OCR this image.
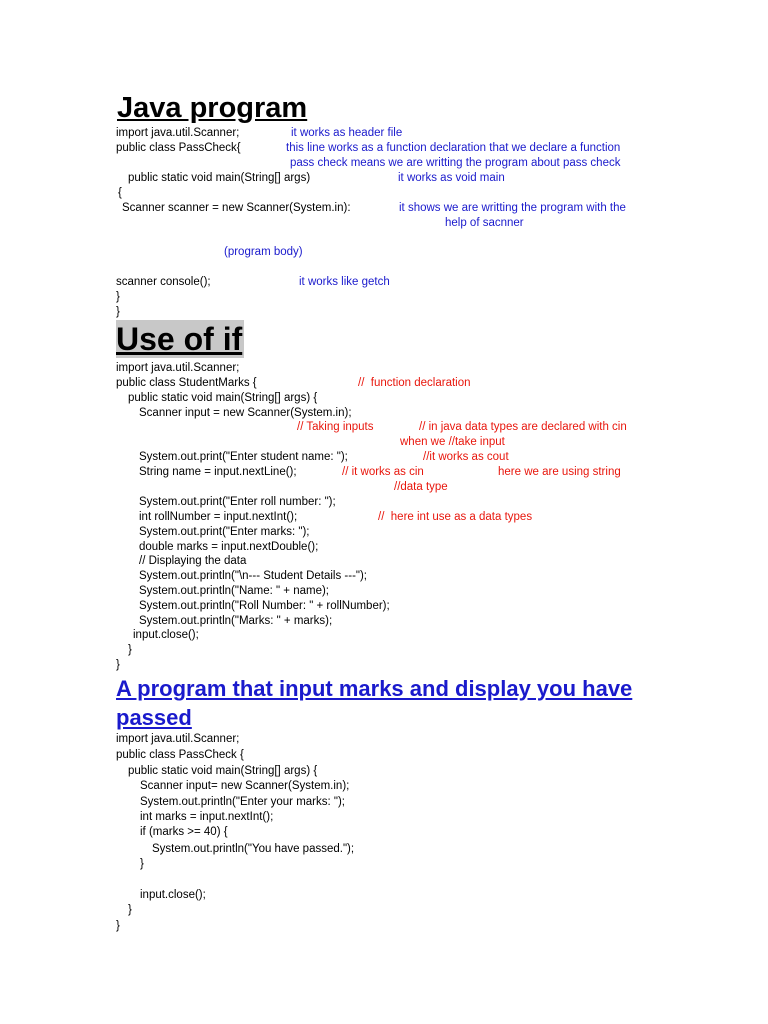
Java program
import java.util.Scanner;	it works as header file
public class PassCheck{	this line works as a function declaration that we declare a function
pass check means we are writting the program about pass check
public static void main(String[] args)	it works as void main
{
Scanner scanner = new Scanner(System.in):	it shows we are writting the program with the
help of sacnner
(program body)
scanner console();	it works like getch
}
}
Use of if
import java.util.Scanner;
public class StudentMarks {	//  function declaration
public static void main(String[] args) {
Scanner input = new Scanner(System.in);
// Taking inputs	// in java data types are declared with cin
when we //take input
System.out.print("Enter student name: ");	//it works as cout
String name = input.nextLine();	// it works as cin	here we are using string
//data type
System.out.print("Enter roll number: ");
int rollNumber = input.nextInt();	//  here int use as a data types
System.out.print("Enter marks: ");
double marks = input.nextDouble();
// Displaying the data
System.out.println("\n--- Student Details ---");
System.out.println("Name: " + name);
System.out.println("Roll Number: " + rollNumber);
System.out.println("Marks: " + marks);
input.close();
}
}
A program that input marks and display you have
passed
import java.util.Scanner;
public class PassCheck {
public static void main(String[] args) {
Scanner input= new Scanner(System.in);
System.out.println("Enter your marks: ");
int marks = input.nextInt();
if (marks >= 40) {
System.out.println("You have passed.");
}
input.close();
}
}
